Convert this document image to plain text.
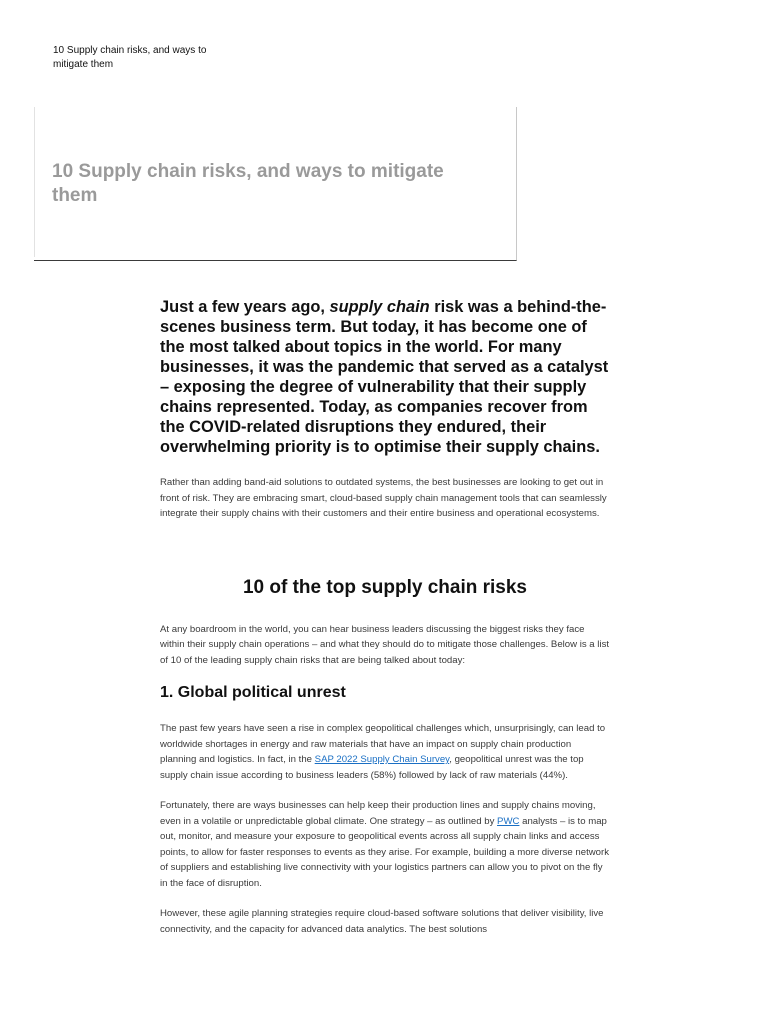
10 Supply chain risks, and ways to mitigate them
10 Supply chain risks, and ways to mitigate them

Just a few years ago, supply chain risk was a behind-the-scenes business term. But today, it has become one of the most talked about topics in the world. For many businesses, it was the pandemic that served as a catalyst – exposing the degree of vulnerability that their supply chains represented. Today, as companies recover from the COVID-related disruptions they endured, their overwhelming priority is to optimise their supply chains.

Rather than adding band-aid solutions to outdated systems, the best businesses are looking to get out in front of risk. They are embracing smart, cloud-based supply chain management tools that can seamlessly integrate their supply chains with their customers and their entire business and operational ecosystems.

10 of the top supply chain risks

At any boardroom in the world, you can hear business leaders discussing the biggest risks they face within their supply chain operations – and what they should do to mitigate those challenges. Below is a list of 10 of the leading supply chain risks that are being talked about today:

1. Global political unrest

The past few years have seen a rise in complex geopolitical challenges which, unsurprisingly, can lead to worldwide shortages in energy and raw materials that have an impact on supply chain production planning and logistics. In fact, in the SAP 2022 Supply Chain Survey, geopolitical unrest was the top supply chain issue according to business leaders (58%) followed by lack of raw materials (44%).

Fortunately, there are ways businesses can help keep their production lines and supply chains moving, even in a volatile or unpredictable global climate. One strategy – as outlined by PWC analysts – is to map out, monitor, and measure your exposure to geopolitical events across all supply chain links and access points, to allow for faster responses to events as they arise. For example, building a more diverse network of suppliers and establishing live connectivity with your logistics partners can allow you to pivot on the fly in the face of disruption.

However, these agile planning strategies require cloud-based software solutions that deliver visibility, live connectivity, and the capacity for advanced data analytics. The best solutions
